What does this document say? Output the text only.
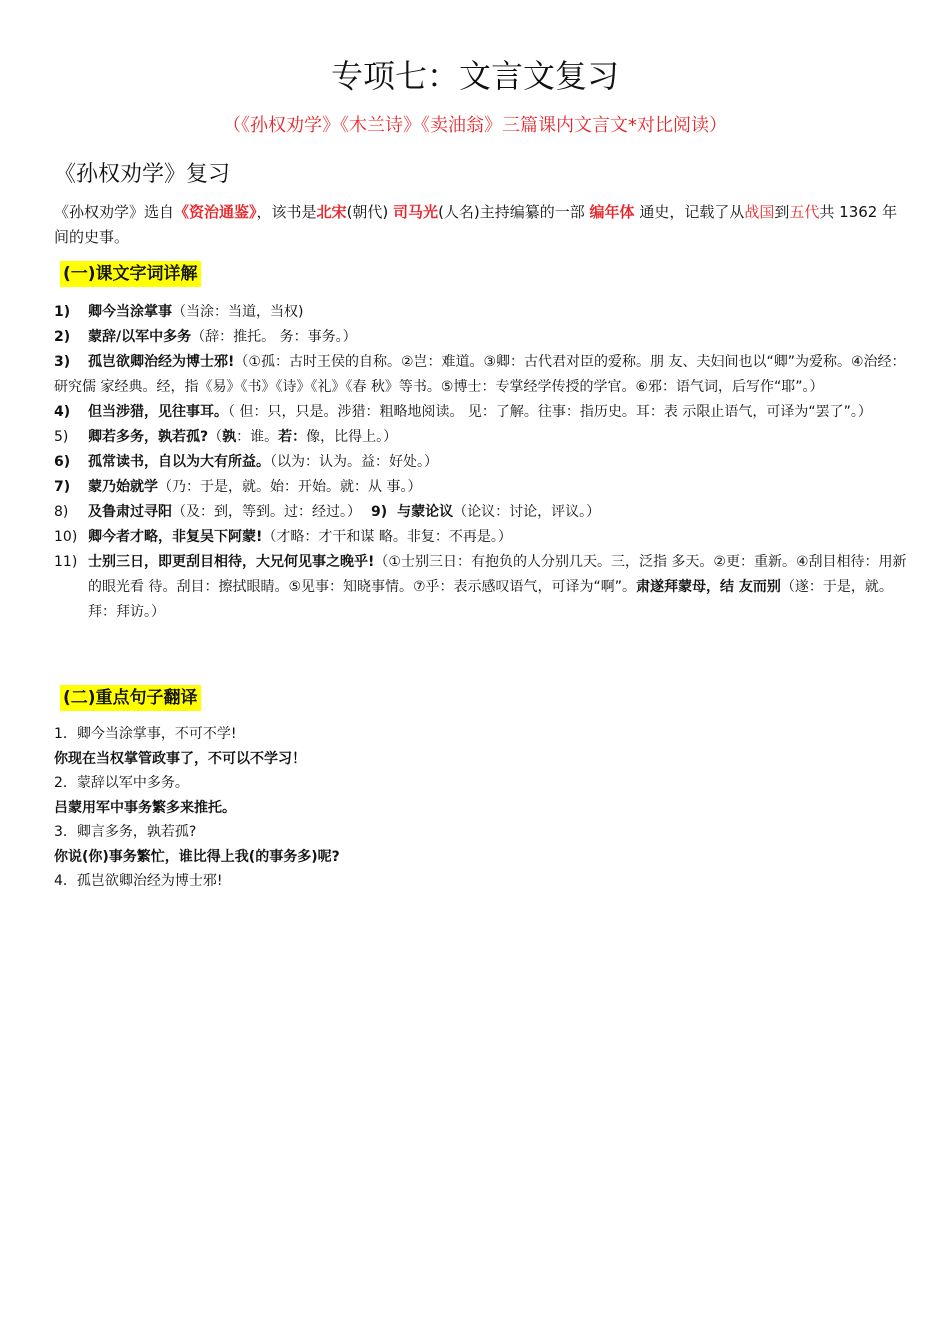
专项七：文言文复习
（《孙权劝学》《木兰诗》《卖油翁》三篇课内文言文*对比阅读）
《孙权劝学》复习
《孙权劝学》选自《资治通鉴》，该书是北宋(朝代) 司马光(人名)主持编纂的一部 编年体 通史，记载了从战国到五代共 1362 年间的史事。
(一)课文字词详解
1)	卿今当涂掌事（当涂：当道，当权)
2)	蒙辞/以军中多务（辞：推托。 务：事务。）
3) 孤岂欲卿治经为博士邪!（①孤：古时王侯的自称。②岂：难道。③卿：古代君对臣的爱称。朋 友、夫妇间也以“卿”为爱称。④治经：研究儒 家经典。经，指《易》《书》《诗》《礼》《春 秋》等书。⑤博士：专掌经学传授的学官。⑥邪：语气词，后写作“耶”。）
4)	但当涉猎，见往事耳。（ 但：只，只是。涉猎：粗略地阅读。 见：了解。往事：指历史。耳：表 示限止语气，可译为“罢了”。）
5)	卿若多务，孰若孤?（孰：谁。若：像，比得上。）
6)	孤常读书，自以为大有所益。（以为：认为。益：好处。）
7)	蒙乃始就学（乃：于是，就。始：开始。就：从 事。）
8)	及鲁肃过寻阳（及：到，等到。过：经过。） 9) 与蒙论议（论议：讨论，评议。）
10) 卿今者才略，非复吴下阿蒙!（才略：才干和谋 略。非复：不再是。）
11) 士别三日，即更刮目相待，大兄何见事之晚乎!（①士别三日：有抱负的人分别几天。三，泛指 多天。②更：重新。④刮目相待：用新的眼光看 待。刮目：擦拭眼睛。⑤见事：知晓事情。⑦乎：表示感叹语气，可译为“啊”。肃遂拜蒙母，结 友而别（遂：于是，就。拜：拜访。）
(二)重点句子翻译
1．卿今当涂掌事，不可不学!
你现在当权掌管政事了，不可以不学习！
2．蒙辞以军中多务。
吕蒙用军中事务繁多来推托。
3．卿言多务，孰若孤?
你说(你)事务繁忙，谁比得上我(的事务多)呢?
4．孤岂欲卿治经为博士邪!
